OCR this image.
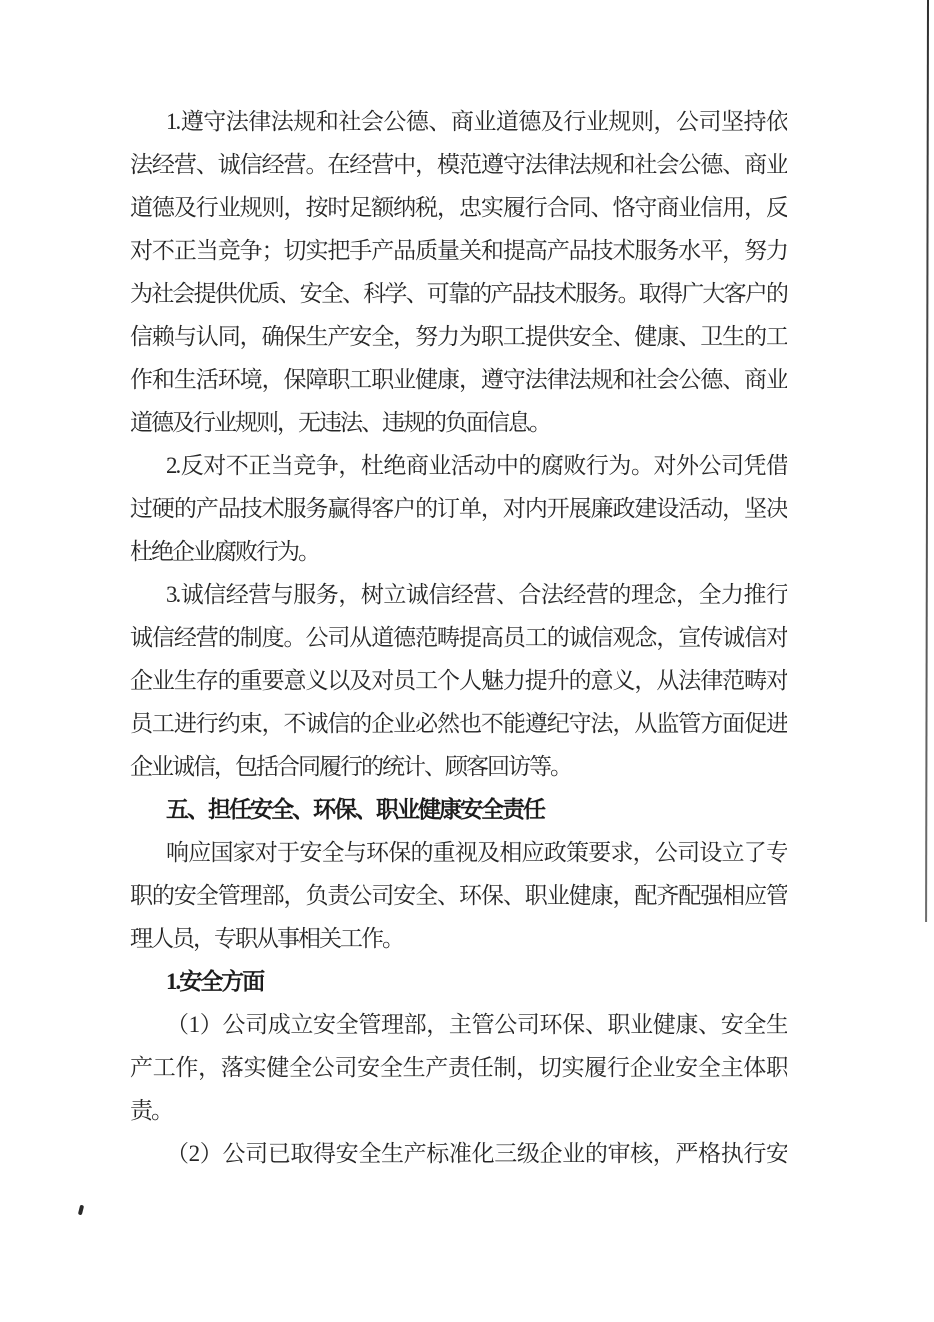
1.遵守法律法规和社会公德、商业道德及行业规则，公司坚持依
法经营、诚信经营。在经营中，模范遵守法律法规和社会公德、商业
道德及行业规则，按时足额纳税，忠实履行合同、恪守商业信用，反
对不正当竞争；切实把手产品质量关和提高产品技术服务水平，努力
为社会提供优质、安全、科学、可靠的产品技术服务。取得广大客户的
信赖与认同，确保生产安全，努力为职工提供安全、健康、卫生的工
作和生活环境，保障职工职业健康，遵守法律法规和社会公德、商业
道德及行业规则，无违法、违规的负面信息。
2.反对不正当竞争，杜绝商业活动中的腐败行为。对外公司凭借
过硬的产品技术服务赢得客户的订单，对内开展廉政建设活动，坚决
杜绝企业腐败行为。
3.诚信经营与服务，树立诚信经营、合法经营的理念，全力推行
诚信经营的制度。公司从道德范畴提高员工的诚信观念，宣传诚信对
企业生存的重要意义以及对员工个人魅力提升的意义，从法律范畴对
员工进行约束，不诚信的企业必然也不能遵纪守法，从监管方面促进
企业诚信，包括合同履行的统计、顾客回访等。
五、担任安全、环保、职业健康安全责任
响应国家对于安全与环保的重视及相应政策要求，公司设立了专
职的安全管理部，负责公司安全、环保、职业健康，配齐配强相应管
理人员，专职从事相关工作。
1.安全方面
（1）公司成立安全管理部，主管公司环保、职业健康、安全生
产工作，落实健全公司安全生产责任制，切实履行企业安全主体职
责。
（2）公司已取得安全生产标准化三级企业的审核，严格执行安
